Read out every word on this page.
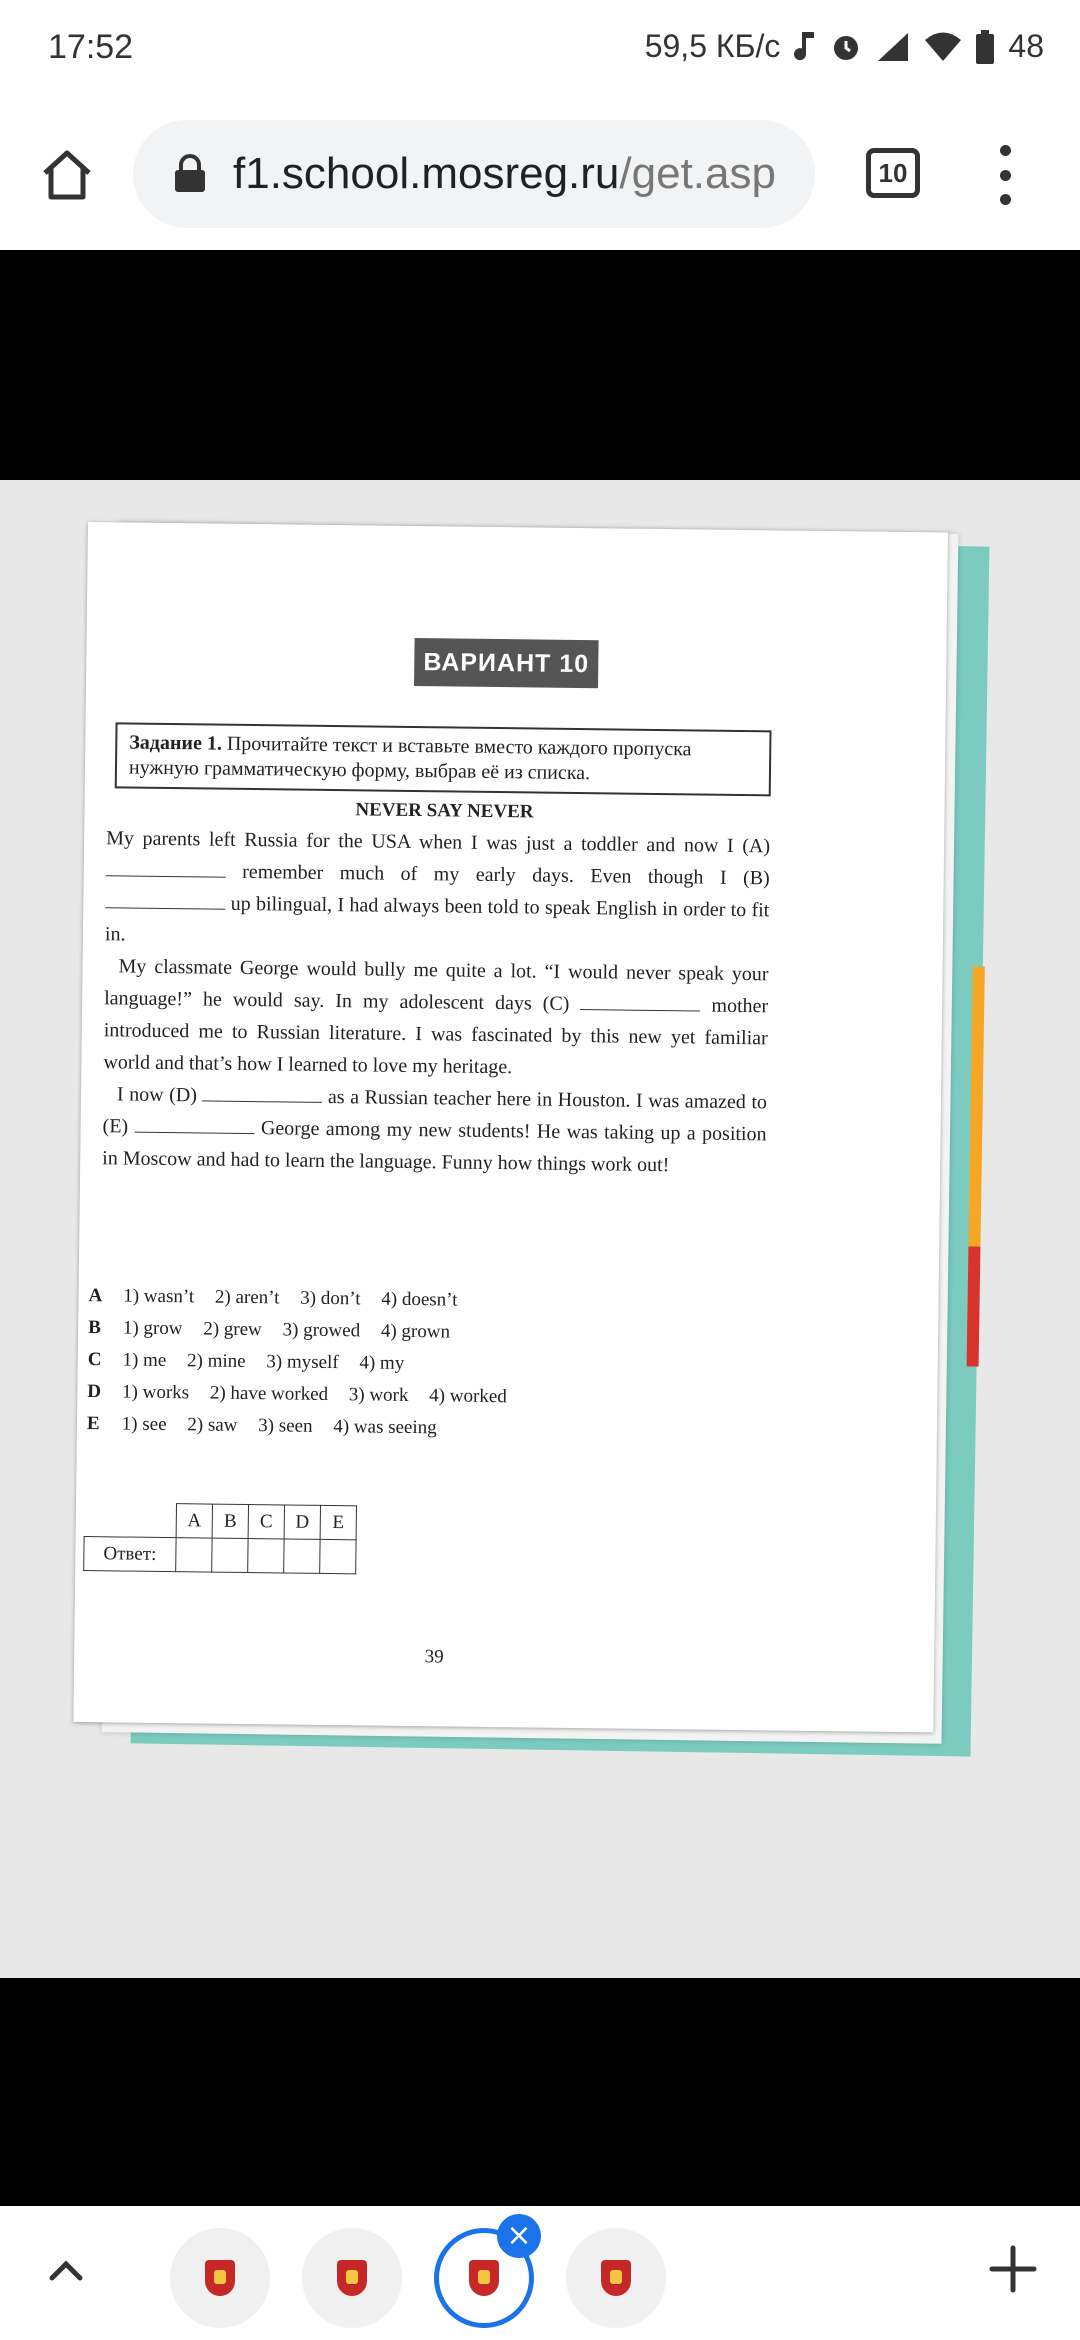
17:52	59,5 КБ/с	48
f1.school.mosreg.ru/get.asp	10
ВАРИАНТ 10
Задание 1. Прочитайте текст и вставьте вместо каждого пропуска нужную грамматическую форму, выбрав её из списка.
NEVER SAY NEVER

My parents left Russia for the USA when I was just a toddler and now I (A)  remember much of my early days. Even though I (B)  up bilingual, I had always been told to speak English in order to fit in.

My classmate George would bully me quite a lot. “I would never speak your language!” he would say. In my adolescent days (C)	mother introduced me to Russian literature. I was fascinated by this new yet familiar world and that’s how I learned to love my heritage.

I now (D)	as a Russian teacher here in Houston. I was amazed to (E)	George among my new students! He was taking up a position in Moscow and had to learn the language. Funny how things work out!

A 1) wasn’t 2) aren’t 3) don’t 4) doesn’t
B 1) grow 2) grew 3) growed 4) grown
C 1) me 2) mine 3) myself 4) my
D 1) works 2) have worked 3) work 4) worked
E 1) see 2) saw 3) seen 4) was seeing
	A	B	C	D	E
Ответ:					
39
×
